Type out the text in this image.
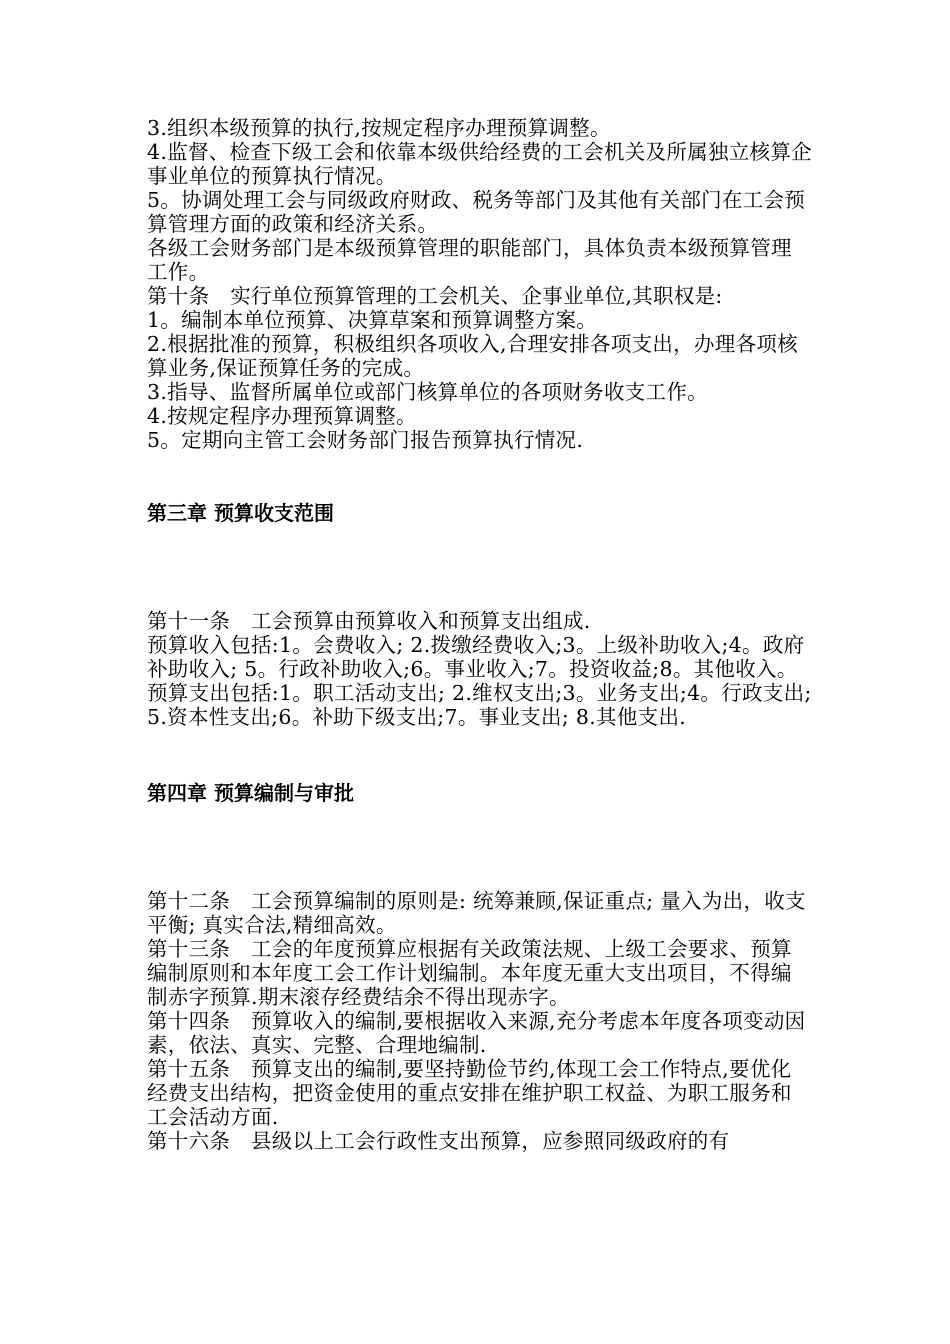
3.组织本级预算的执行,按规定程序办理预算调整。

4.监督、检查下级工会和依靠本级供给经费的工会机关及所属独立核算企事业单位的预算执行情况。

5。协调处理工会与同级政府财政、税务等部门及其他有关部门在工会预算管理方面的政策和经济关系。

各级工会财务部门是本级预算管理的职能部门，具体负责本级预算管理工作。

第十条　实行单位预算管理的工会机关、企事业单位,其职权是:

1。编制本单位预算、决算草案和预算调整方案。

2.根据批准的预算，积极组织各项收入,合理安排各项支出，办理各项核算业务,保证预算任务的完成。

3.指导、监督所属单位或部门核算单位的各项财务收支工作。

4.按规定程序办理预算调整。

5。定期向主管工会财务部门报告预算执行情况.

第三章 预算收支范围

第十一条　工会预算由预算收入和预算支出组成.

预算收入包括:1。会费收入; 2.拨缴经费收入;3。上级补助收入;4。政府补助收入; 5。行政补助收入;6。事业收入;7。投资收益;8。其他收入。

预算支出包括:1。职工活动支出; 2.维权支出;3。业务支出;4。行政支出; 5.资本性支出;6。补助下级支出;7。事业支出; 8.其他支出.

第四章 预算编制与审批

第十二条　工会预算编制的原则是: 统筹兼顾,保证重点; 量入为出，收支平衡; 真实合法,精细高效。

第十三条　工会的年度预算应根据有关政策法规、上级工会要求、预算编制原则和本年度工会工作计划编制。本年度无重大支出项目，不得编制赤字预算.期末滚存经费结余不得出现赤字。

第十四条　预算收入的编制,要根据收入来源,充分考虑本年度各项变动因素，依法、真实、完整、合理地编制.

第十五条　预算支出的编制,要坚持勤俭节约,体现工会工作特点,要优化经费支出结构，把资金使用的重点安排在维护职工权益、为职工服务和工会活动方面.

第十六条　县级以上工会行政性支出预算，应参照同级政府的有
